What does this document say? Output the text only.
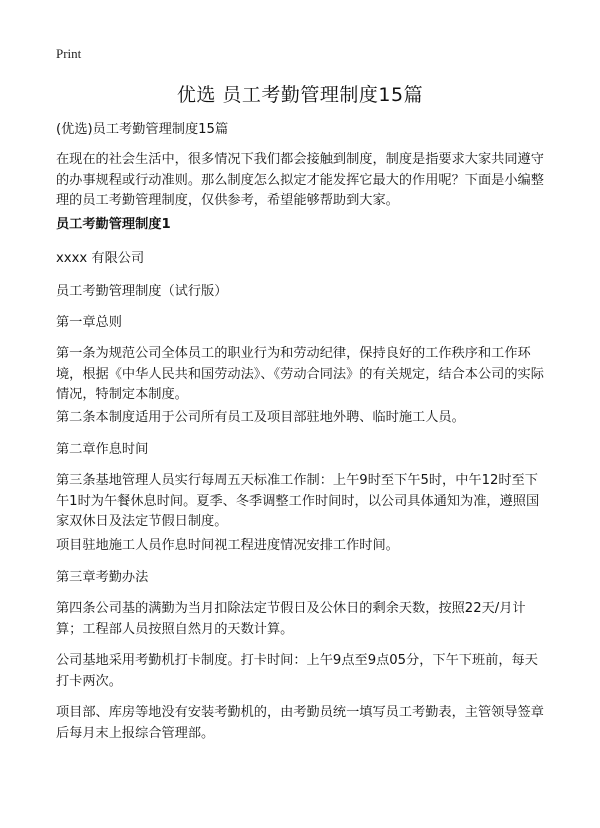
Print
优选 员工考勤管理制度15篇

(优选)员工考勤管理制度15篇

在现在的社会生活中，很多情况下我们都会接触到制度，制度是指要求大家共同遵守的办事规程或行动准则。那么制度怎么拟定才能发挥它最大的作用呢？下面是小编整理的员工考勤管理制度，仅供参考，希望能够帮助到大家。

员工考勤管理制度1

xxxx 有限公司

员工考勤管理制度（试行版）

第一章总则

第一条为规范公司全体员工的职业行为和劳动纪律，保持良好的工作秩序和工作环境，根据《中华人民共和国劳动法》、《劳动合同法》的有关规定，结合本公司的实际情况，特制定本制度。

第二条本制度适用于公司所有员工及项目部驻地外聘、临时施工人员。

第二章作息时间

第三条基地管理人员实行每周五天标准工作制：上午9时至下午5时，中午12时至下午1时为午餐休息时间。夏季、冬季调整工作时间时，以公司具体通知为准，遵照国家双休日及法定节假日制度。

项目驻地施工人员作息时间视工程进度情况安排工作时间。

第三章考勤办法

第四条公司基的满勤为当月扣除法定节假日及公休日的剩余天数，按照22天/月计算；工程部人员按照自然月的天数计算。

公司基地采用考勤机打卡制度。打卡时间：上午9点至9点05分，下午下班前，每天打卡两次。

项目部、库房等地没有安装考勤机的，由考勤员统一填写员工考勤表，主管领导签章后每月末上报综合管理部。
